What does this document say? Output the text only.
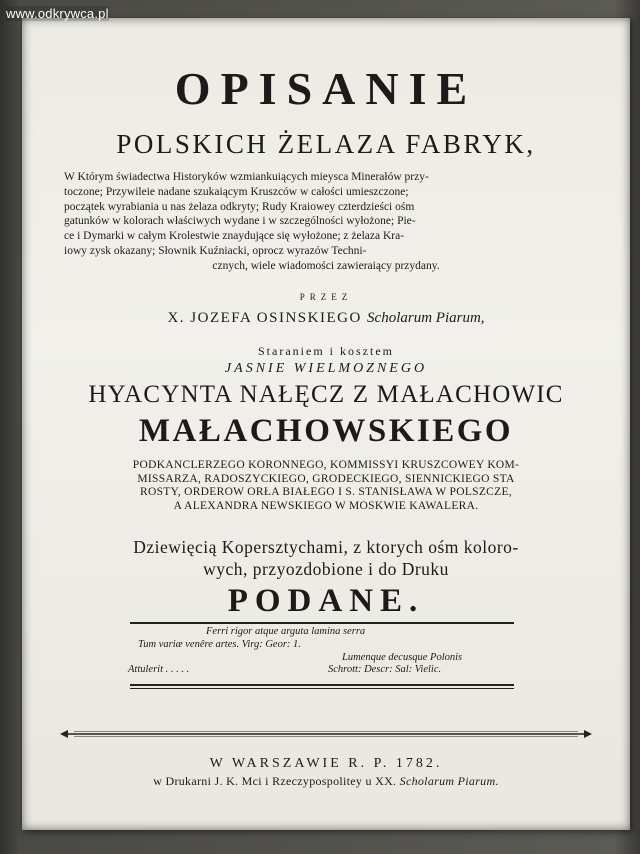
www.odkrywca.pl
OPISANIE
POLSKICH ŻELAZA FABRYK,
W Którym świadectwa Historyków wzmiankuiących mieysca Minerałów przy-
toczone; Przywileie nadane szukaiącym Kruszców w całości umieszczone;
początek wyrabiania u nas żelaza odkryty; Rudy Kraiowey czterdzieści ośm
gatunków w kolorach właściwych wydane i w szczególności wyłożone; Pie-
ce i Dymarki w całym Krolestwie znaydujące się wyłożone; z żelaza Kra-
iowy zysk okazany; Słownik Kuźniacki, oprocz wyrazów Techni-
cznych, wiele wiadomości zawieraiący przydany.
PRZEZ
X. JOZEFA OSINSKIEGO Scholarum Piarum,
Staraniem i kosztem
JASNIE WIELMOZNEGO
HYACYNTA NAŁĘCZ Z MAŁACHOWIC
MAŁACHOWSKIEGO
PODKANCLERZEGO KORONNEGO, KOMMISSYI KRUSZCOWEY KOM-
MISSARZA, RADOSZYCKIEGO, GRODECKIEGO, SIENNICKIEGO STA
ROSTY, ORDEROW ORŁA BIAŁEGO I S. STANISŁAWA W POLSZCZE,
A ALEXANDRA NEWSKIEGO W MOSKWIE KAWALERA.
Dziewięcią Kopersztychami, z ktorych ośm koloro-
wych, przyozdobione i do Druku
PODANE.
Ferri rigor atque arguta lamina serra
Tum variæ venêre artes. Virg: Geor: 1.
Lumenque decusque Polonis
Attulerit . . . . .	Schrott: Descr: Sal: Vielic.
W WARSZAWIE R. P. 1782.
w Drukarni J. K. Mci i Rzeczypospolitey u XX. Scholarum Piarum.
